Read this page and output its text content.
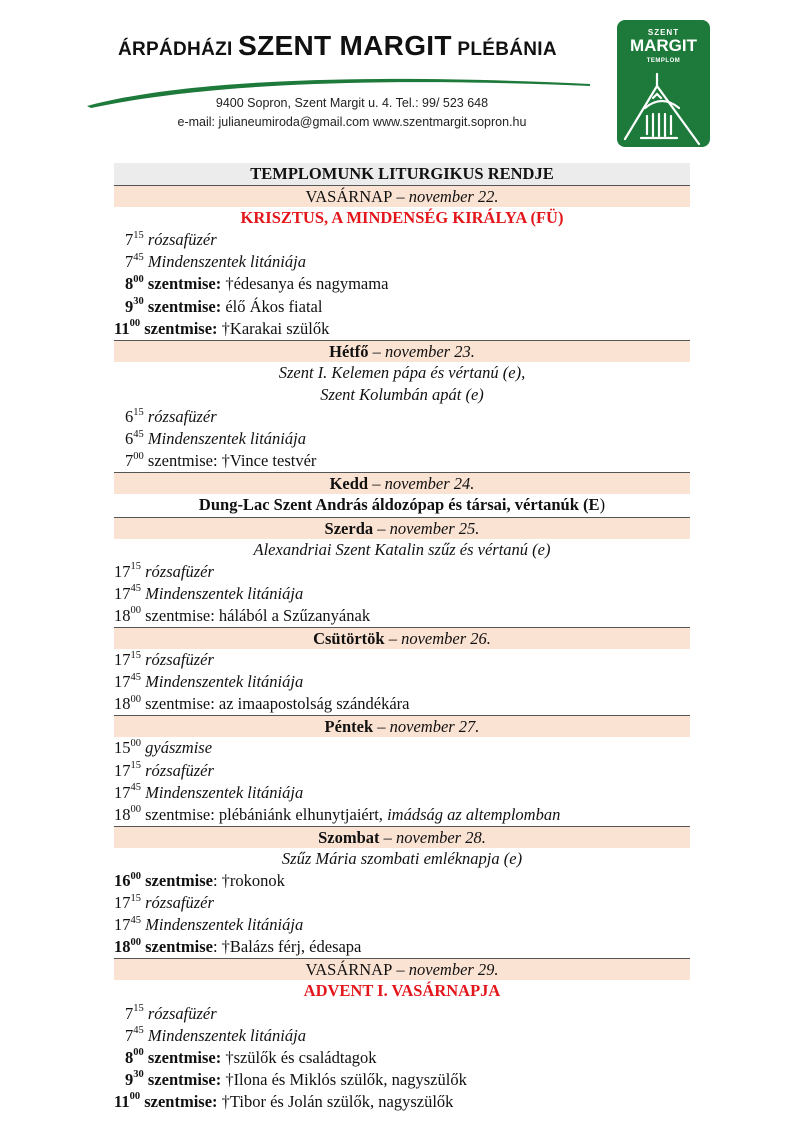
ÁRPÁDHÁZI SZENT MARGIT PLÉBÁNIA
9400 Sopron, Szent Margit u. 4. Tel.: 99/ 523 648
e-mail: julianeumiroda@gmail.com www.szentmargit.sopron.hu
SZENT
MARGIT
TEMPLOM
TEMPLOMUNK LITURGIKUS RENDJE
VASÁRNAP – november 22.
KRISZTUS, A MINDENSÉG KIRÁLYA (FÜ)
$7^{15}$ rózsafüzér
$7^{45}$ Mindenszentek litániája
$8^{00}$ szentmise: †édesanya és nagymama
$9^{30}$ szentmise: élő Ákos fiatal
$11^{00}$ szentmise: †Karakai szülők
Hétfő – november 23.
Szent I. Kelemen pápa és vértanú (e),
Szent Kolumbán apát (e)
$6^{15}$ rózsafüzér
$6^{45}$ Mindenszentek litániája
$7^{00}$ szentmise: †Vince testvér
Kedd – november 24.
Dung-Lac Szent András áldozópap és társai, vértanúk (E)
Szerda – november 25.
Alexandriai Szent Katalin szűz és vértanú (e)
$17^{15}$ rózsafüzér
$17^{45}$ Mindenszentek litániája
$18^{00}$ szentmise: hálából a Szűzanyának
Csütörtök – november 26.
$17^{15}$ rózsafüzér
$17^{45}$ Mindenszentek litániája
$18^{00}$ szentmise: az imaapostolság szándékára
Péntek – november 27.
$15^{00}$ gyászmise
$17^{15}$ rózsafüzér
$17^{45}$ Mindenszentek litániája
$18^{00}$ szentmise: plébániánk elhunytjaiért, imádság az altemplomban
Szombat – november 28.
Szűz Mária szombati emléknapja (e)
$16^{00}$ szentmise: †rokonok
$17^{15}$ rózsafüzér
$17^{45}$ Mindenszentek litániája
$18^{00}$ szentmise: †Balázs férj, édesapa
VASÁRNAP – november 29.
ADVENT I. VASÁRNAPJA
$7^{15}$ rózsafüzér
$7^{45}$ Mindenszentek litániája
$8^{00}$ szentmise: †szülők és családtagok
$9^{30}$ szentmise: †Ilona és Miklós szülők, nagyszülők
$11^{00}$ szentmise: †Tibor és Jolán szülők, nagyszülők
